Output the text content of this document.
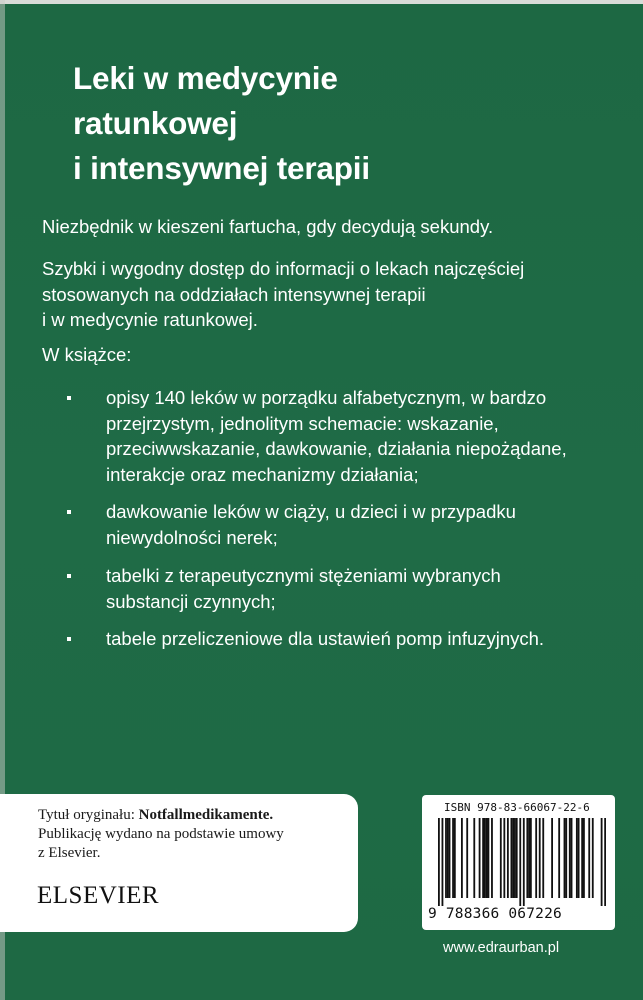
Leki w medycynie
ratunkowej
i intensywnej terapii
Niezbędnik w kieszeni fartucha, gdy decydują sekundy.
Szybki i wygodny dostęp do informacji o lekach najczęściej
stosowanych na oddziałach intensywnej terapii
i w medycynie ratunkowej.
W książce:
opisy 140 leków w porządku alfabetycznym, w bardzo
przejrzystym, jednolitym schemacie: wskazanie,
przeciwwskazanie, dawkowanie, działania niepożądane,
interakcje oraz mechanizmy działania;
dawkowanie leków w ciąży, u dzieci i w przypadku
niewydolności nerek;
tabelki z terapeutycznymi stężeniami wybranych
substancji czynnych;
tabele przeliczeniowe dla ustawień pomp infuzyjnych.
Tytuł oryginału: Notfallmedikamente.
Publikację wydano na podstawie umowy
z Elsevier.
ELSEVIER
ISBN 978-83-66067-22-6
9 788366 067226
www.edraurban.pl
